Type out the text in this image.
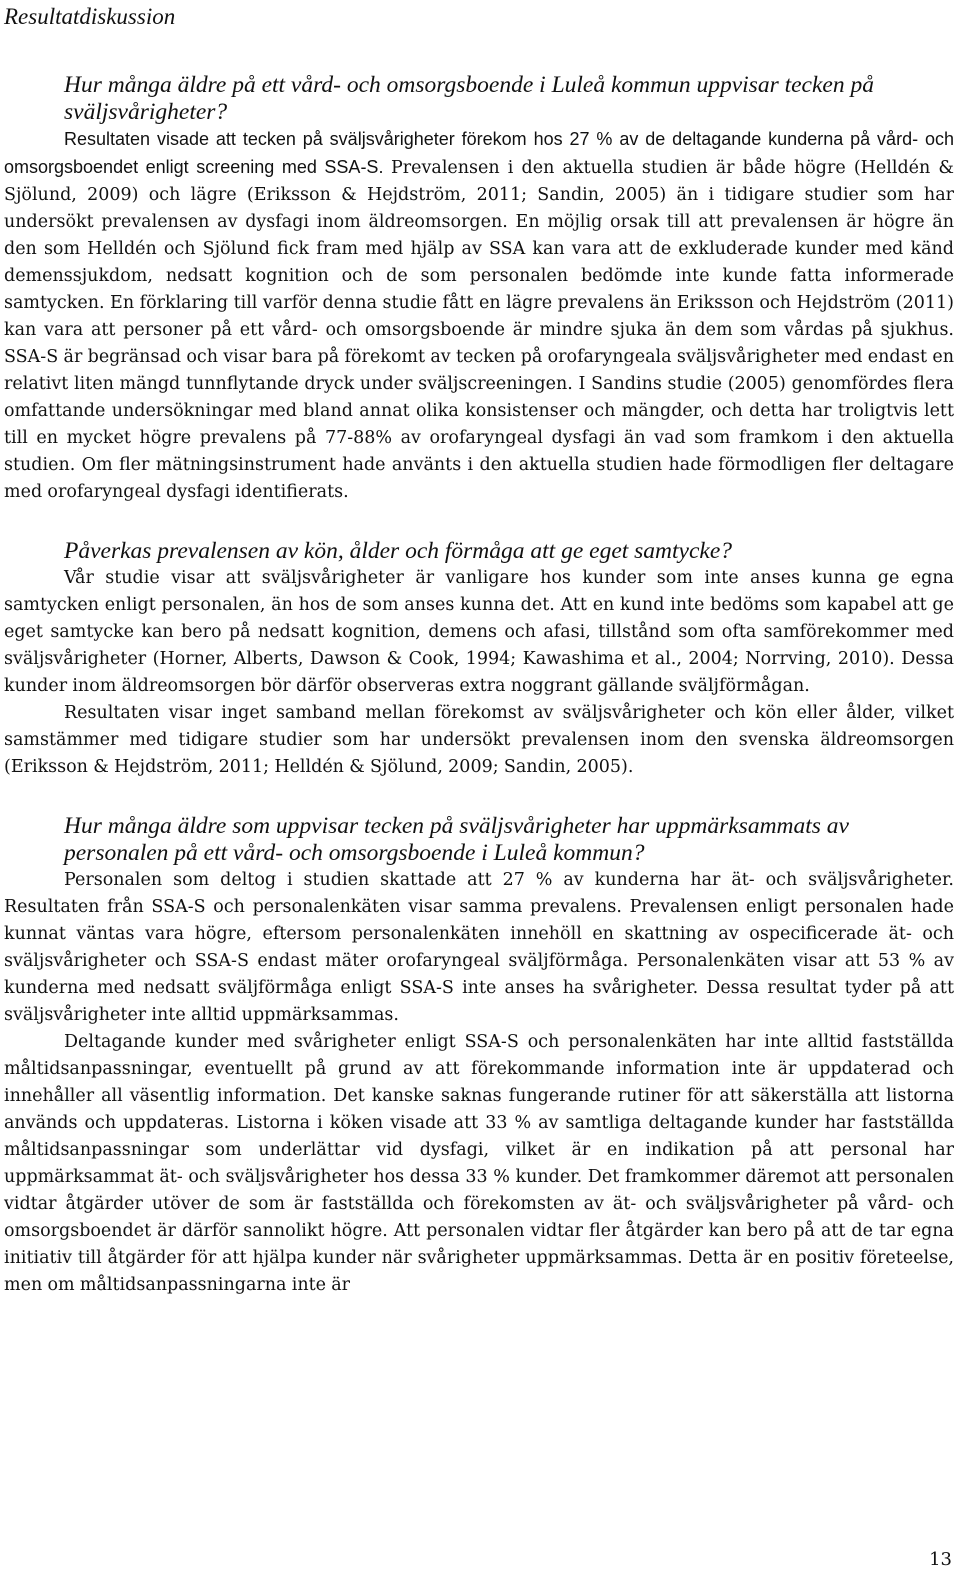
Resultatdiskussion
Hur många äldre på ett vård- och omsorgsboende i Luleå kommun uppvisar tecken på sväljsvårigheter?

Resultaten visade att tecken på sväljsvårigheter förekom hos 27 % av de deltagande kunderna på vård- och omsorgsboendet enligt screening med SSA-S. Prevalensen i den aktuella studien är både högre (Helldén & Sjölund, 2009) och lägre (Eriksson & Hejdström, 2011; Sandin, 2005) än i tidigare studier som har undersökt prevalensen av dysfagi inom äldreomsorgen. En möjlig orsak till att prevalensen är högre än den som Helldén och Sjölund fick fram med hjälp av SSA kan vara att de exkluderade kunder med känd demenssjukdom, nedsatt kognition och de som personalen bedömde inte kunde fatta informerade samtycken. En förklaring till varför denna studie fått en lägre prevalens än Eriksson och Hejdström (2011) kan vara att personer på ett vård- och omsorgsboende är mindre sjuka än dem som vårdas på sjukhus. SSA-S är begränsad och visar bara på förekomt av tecken på orofaryngeala sväljsvårigheter med endast en relativt liten mängd tunnflytande dryck under sväljscreeningen. I Sandins studie (2005) genomfördes flera omfattande undersökningar med bland annat olika konsistenser och mängder, och detta har troligtvis lett till en mycket högre prevalens på 77-88% av orofaryngeal dysfagi än vad som framkom i den aktuella studien. Om fler mätningsinstrument hade använts i den aktuella studien hade förmodligen fler deltagare med orofaryngeal dysfagi identifierats.

Påverkas prevalensen av kön, ålder och förmåga att ge eget samtycke?

Vår studie visar att sväljsvårigheter är vanligare hos kunder som inte anses kunna ge egna samtycken enligt personalen, än hos de som anses kunna det. Att en kund inte bedöms som kapabel att ge eget samtycke kan bero på nedsatt kognition, demens och afasi, tillstånd som ofta samförekommer med sväljsvårigheter (Horner, Alberts, Dawson & Cook, 1994; Kawashima et al., 2004; Norrving, 2010). Dessa kunder inom äldreomsorgen bör därför observeras extra noggrant gällande sväljförmågan.

Resultaten visar inget samband mellan förekomst av sväljsvårigheter och kön eller ålder, vilket samstämmer med tidigare studier som har undersökt prevalensen inom den svenska äldreomsorgen (Eriksson & Hejdström, 2011; Helldén & Sjölund, 2009; Sandin, 2005).

Hur många äldre som uppvisar tecken på sväljsvårigheter har uppmärksammats av personalen på ett vård- och omsorgsboende i Luleå kommun?

Personalen som deltog i studien skattade att 27 % av kunderna har ät- och sväljsvårigheter. Resultaten från SSA-S och personalenkäten visar samma prevalens. Prevalensen enligt personalen hade kunnat väntas vara högre, eftersom personalenkäten innehöll en skattning av ospecificerade ät- och sväljsvårigheter och SSA-S endast mäter orofaryngeal sväljförmåga. Personalenkäten visar att 53 % av kunderna med nedsatt sväljförmåga enligt SSA-S inte anses ha svårigheter. Dessa resultat tyder på att sväljsvårigheter inte alltid uppmärksammas.

Deltagande kunder med svårigheter enligt SSA-S och personalenkäten har inte alltid fastställda måltidsanpassningar, eventuellt på grund av att förekommande information inte är uppdaterad och innehåller all väsentlig information. Det kanske saknas fungerande rutiner för att säkerställa att listorna används och uppdateras. Listorna i köken visade att 33 % av samtliga deltagande kunder har fastställda måltidsanpassningar som underlättar vid dysfagi, vilket är en indikation på att personal har uppmärksammat ät- och sväljsvårigheter hos dessa 33 % kunder. Det framkommer däremot att personalen vidtar åtgärder utöver de som är fastställda och förekomsten av ät- och sväljsvårigheter på vård- och omsorgsboendet är därför sannolikt högre. Att personalen vidtar fler åtgärder kan bero på att de tar egna initiativ till åtgärder för att hjälpa kunder när svårigheter uppmärksammas. Detta är en positiv företeelse, men om måltidsanpassningarna inte är

13
